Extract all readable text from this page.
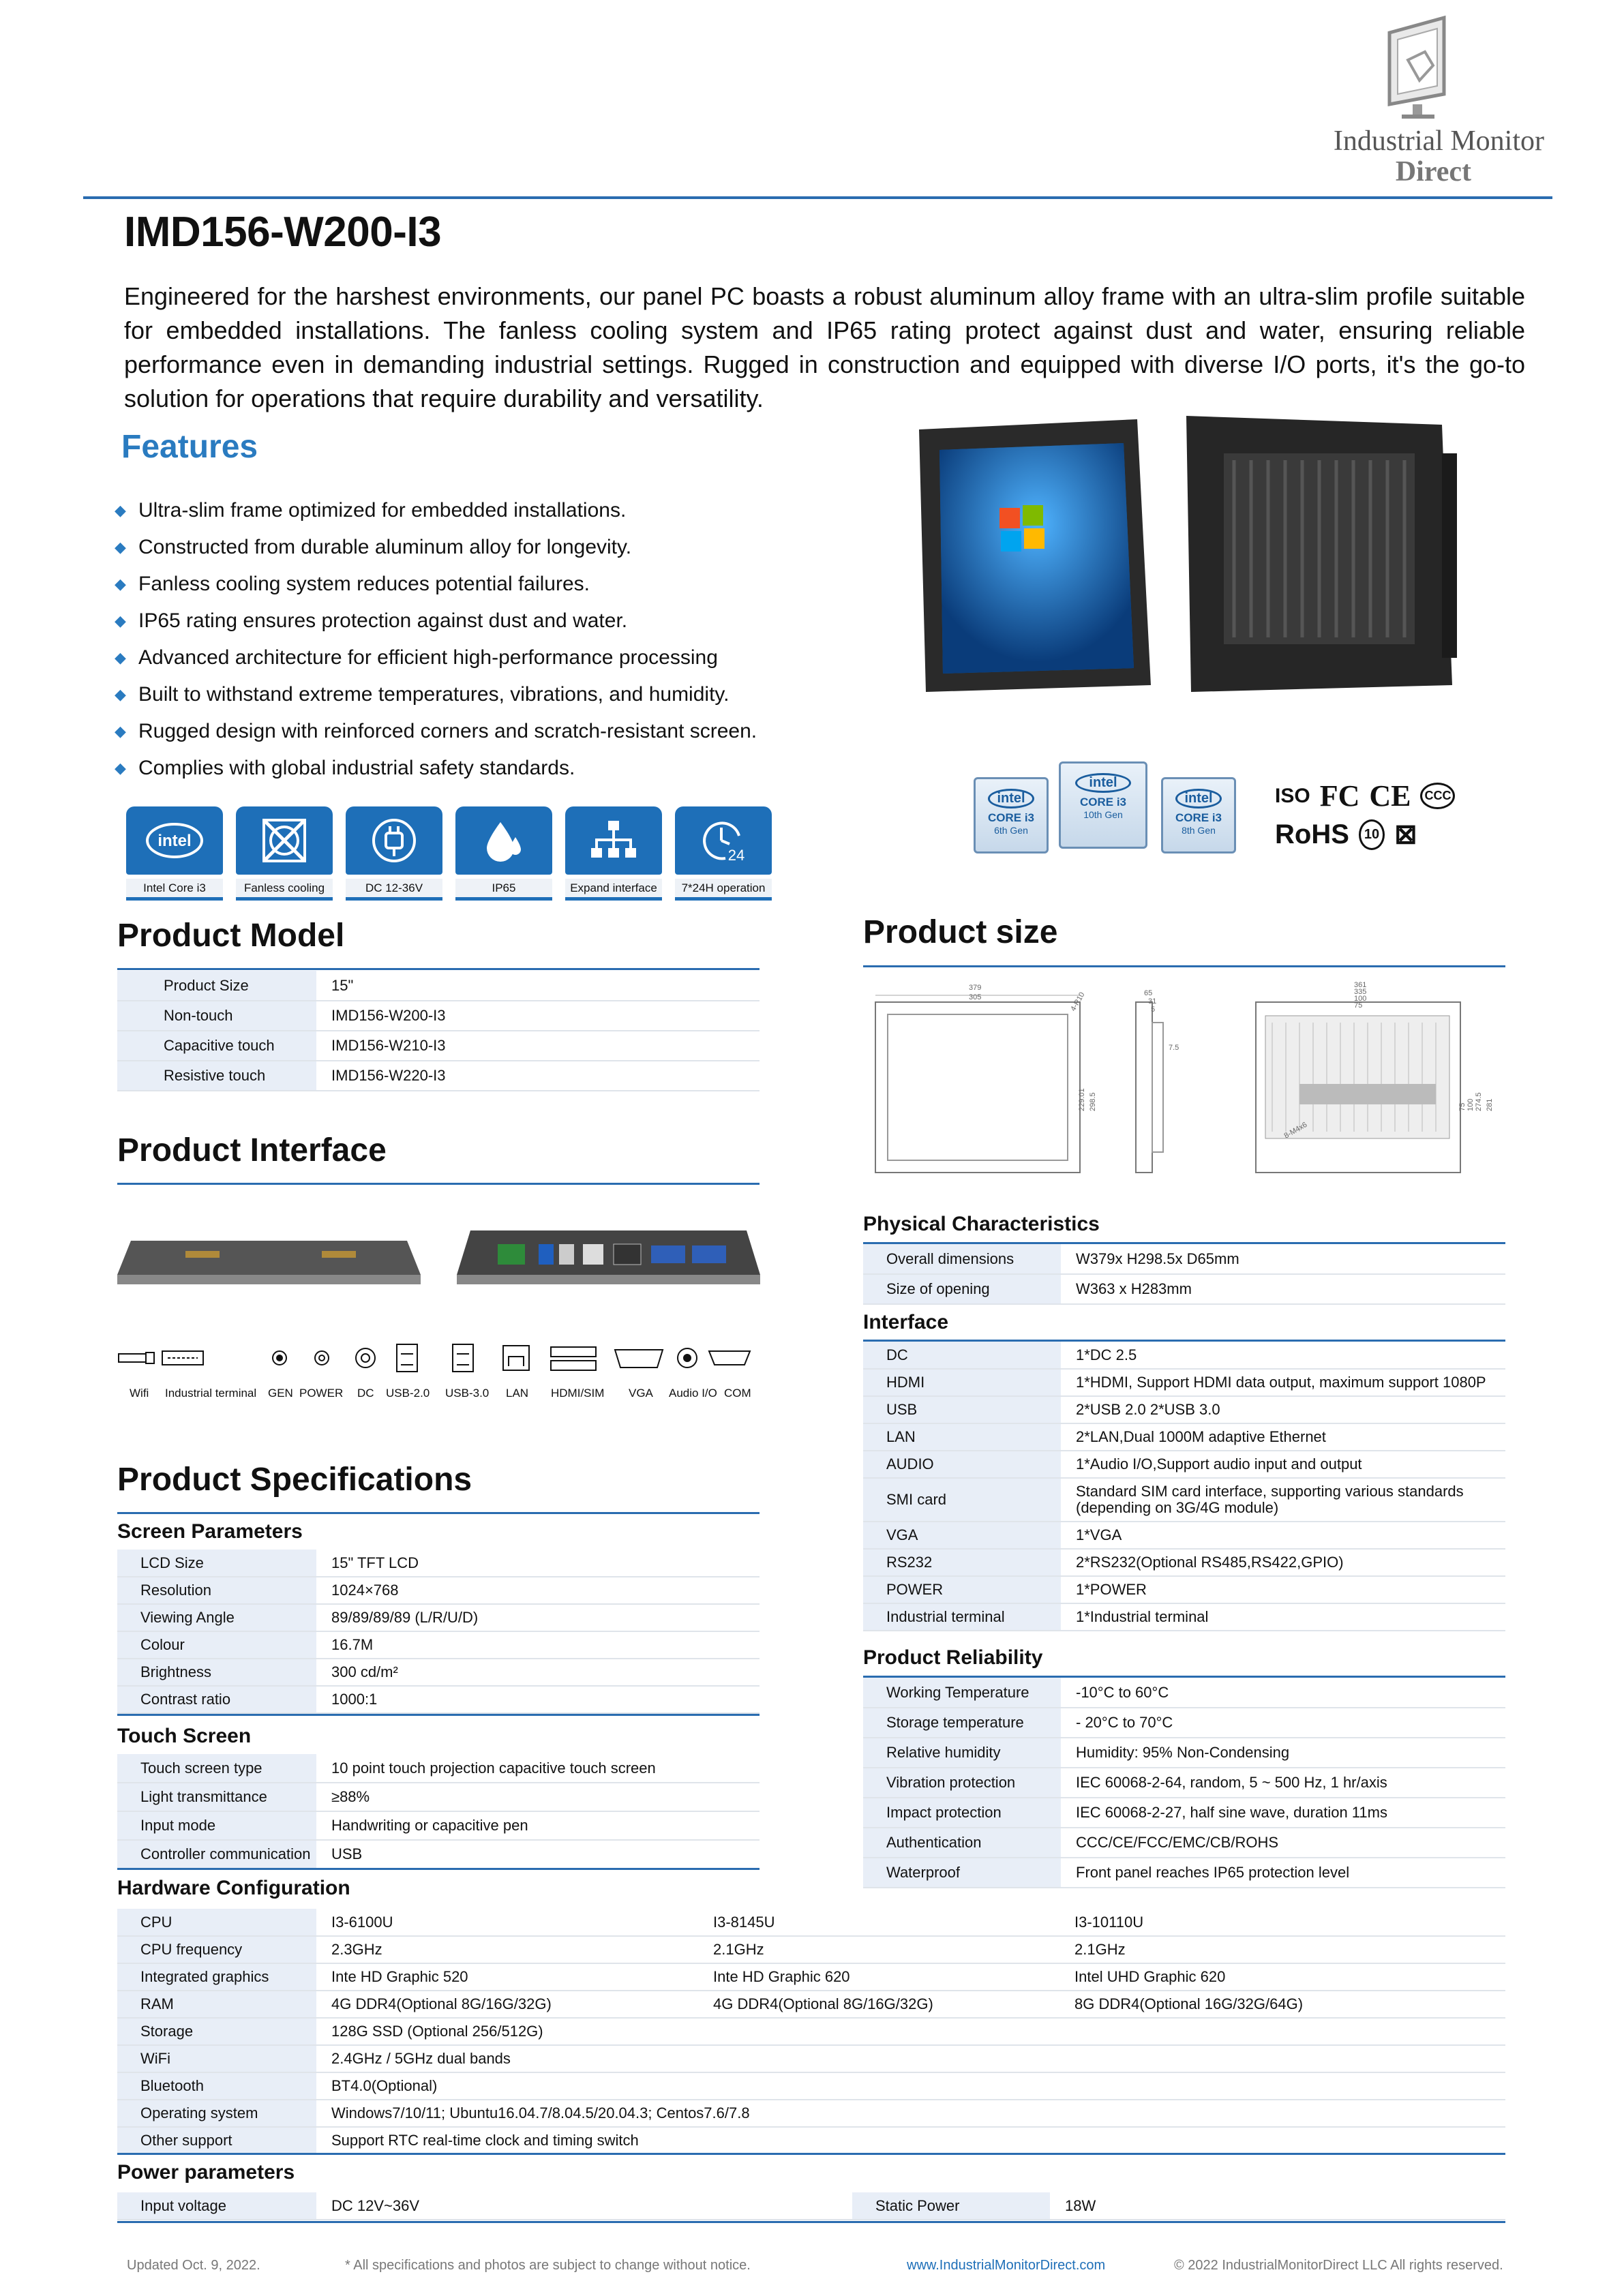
Industrial Monitor
Direct
IMD156-W200-I3
Engineered for the harshest environments, our panel PC boasts a robust aluminum alloy frame with an ultra-slim profile suitable for embedded installations. The fanless cooling system and IP65 rating protect against dust and water, ensuring reliable performance even in demanding industrial settings. Rugged in construction and equipped with diverse I/O ports, it's the go-to solution for operations that require durability and versatility.
Features
◆ Ultra-slim frame optimized for embedded installations.
◆ Constructed from durable aluminum alloy for longevity.
◆ Fanless cooling system reduces potential failures.
◆ IP65 rating ensures protection against dust and water.
◆ Advanced architecture for efficient high-performance processing
◆ Built to withstand extreme temperatures, vibrations, and humidity.
◆ Rugged design with reinforced corners and scratch-resistant screen.
◆ Complies with global industrial safety standards.
intel
Intel Core i3	Fanless cooling	DC 12-36V	IP65	Expand interface
24
7*24H operation
intel
CORE i3
6th Gen
intel
CORE i3
10th Gen
intel
CORE i3
8th Gen
ISO FC CE	CCC
RoHS	10 ⊠
Product Model
Product Size	15"
Non-touch	IMD156-W200-I3
Capacitive touch	IMD156-W210-I3
Resistive touch	IMD156-W220-I3
Product size
379
305	4-R10
229.01 298.5
65
31
5
7.5
361
335
100
75
8-M4x6
75 100 274.5 281
Product Interface
Wifi Industrial terminal GEN POWER DC USB-2.0 USB-3.0 LAN HDMI/SIM VGA Audio I/O COM
Physical Characteristics
Overall dimensions	W379x H298.5x D65mm
Size of opening	W363 x H283mm
Interface
DC	1*DC 2.5
HDMI	1*HDMI, Support HDMI data output, maximum support 1080P
USB	2*USB 2.0 2*USB 3.0
LAN	2*LAN,Dual 1000M adaptive Ethernet
AUDIO	1*Audio I/O,Support audio input and output
SMI card	Standard SIM card interface, supporting various standards (depending on 3G/4G module)
VGA	1*VGA
RS232	2*RS232(Optional RS485,RS422,GPIO)
POWER	1*POWER
Industrial terminal	1*Industrial terminal
Product Reliability
Working Temperature	-10°C to 60°C
Storage temperature	- 20°C to 70°C
Relative humidity	Humidity: 95% Non-Condensing
Vibration protection	IEC 60068-2-64, random, 5 ~ 500 Hz, 1 hr/axis
Impact protection	IEC 60068-2-27, half sine wave, duration 11ms
Authentication	CCC/CE/FCC/EMC/CB/ROHS
Waterproof	Front panel reaches IP65 protection level
Product Specifications
Screen Parameters
LCD Size	15" TFT LCD
Resolution	1024×768
Viewing Angle	89/89/89/89 (L/R/U/D)
Colour	16.7M
Brightness	300 cd/m²
Contrast ratio	1000:1
Touch Screen
Touch screen type	10 point touch projection capacitive touch screen
Light transmittance	≥88%
Input mode	Handwriting or capacitive pen
Controller communication	USB
Hardware Configuration
CPU	I3-6100U	I3-8145U	I3-10110U
CPU frequency	2.3GHz	2.1GHz	2.1GHz
Integrated graphics	Inte HD Graphic 520	Inte HD Graphic 620	Intel UHD Graphic 620
RAM	4G DDR4(Optional 8G/16G/32G)	4G DDR4(Optional 8G/16G/32G)	8G DDR4(Optional 16G/32G/64G)
Storage	128G SSD (Optional 256/512G)		
WiFi	2.4GHz / 5GHz dual bands		
Bluetooth	BT4.0(Optional)		
Operating system	Windows7/10/11; Ubuntu16.04.7/8.04.5/20.04.3; Centos7.6/7.8		
Other support	Support RTC real-time clock and timing switch		
Power parameters
Input voltage	DC 12V~36V	Static Power	18W
Updated Oct. 9, 2022.	* All specifications and photos are subject to change without notice.	www.IndustrialMonitorDirect.com	© 2022 IndustrialMonitorDirect LLC All rights reserved.
